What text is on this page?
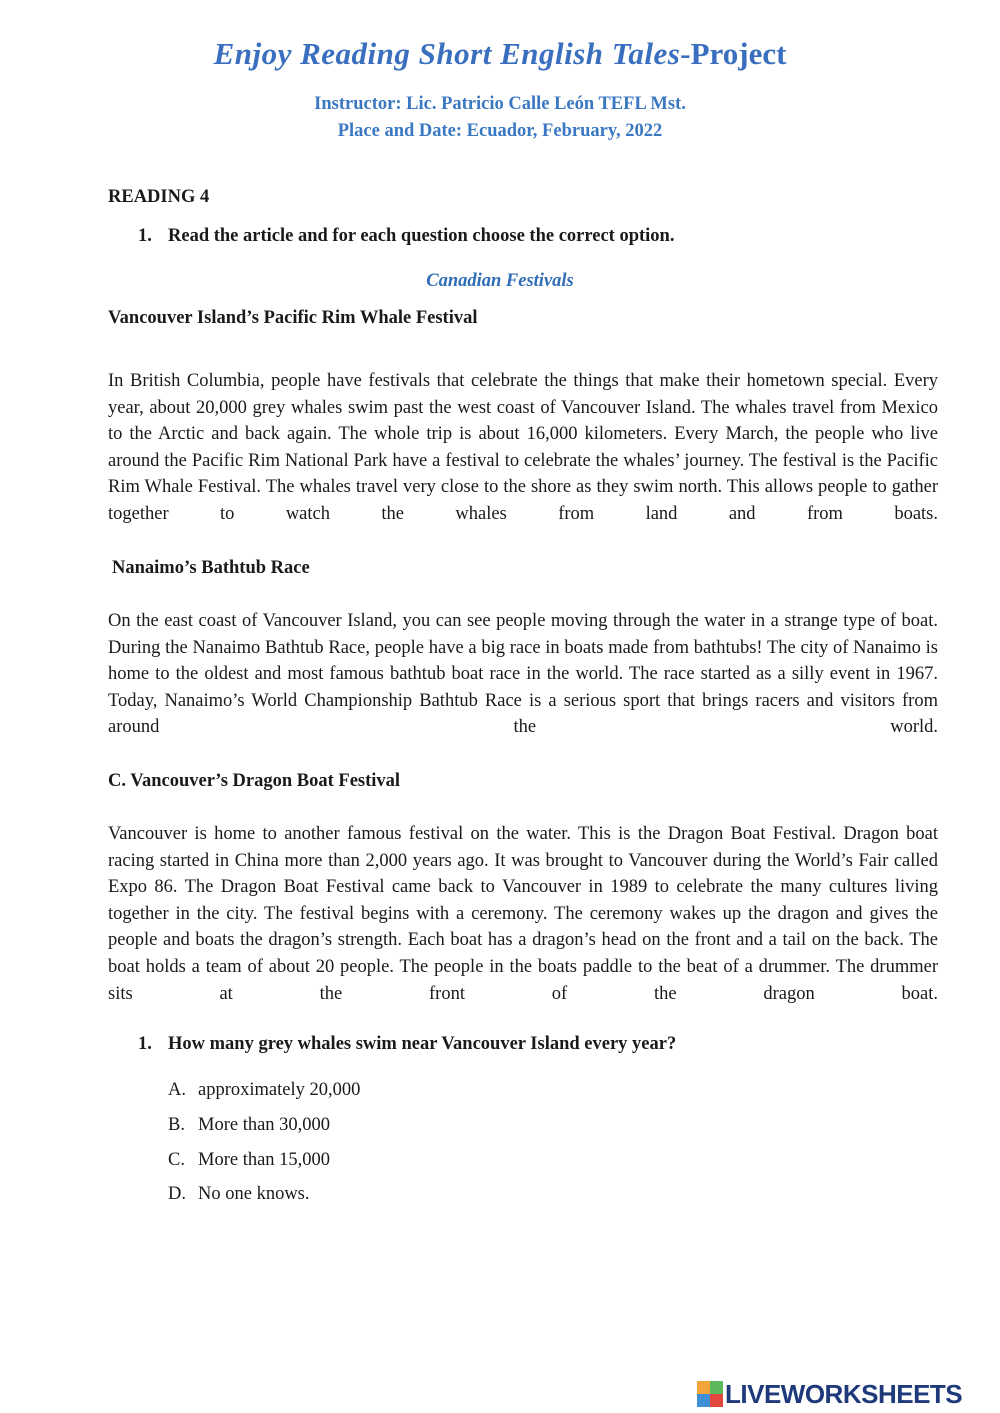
Enjoy Reading Short English Tales-Project
Instructor: Lic. Patricio Calle León TEFL Mst.
Place and Date: Ecuador, February, 2022
READING 4
1. Read the article and for each question choose the correct option.
Canadian Festivals
Vancouver Island’s Pacific Rim Whale Festival
In British Columbia, people have festivals that celebrate the things that make their hometown special. Every year, about 20,000 grey whales swim past the west coast of Vancouver Island. The whales travel from Mexico to the Arctic and back again. The whole trip is about 16,000 kilometers. Every March, the people who live around the Pacific Rim National Park have a festival to celebrate the whales’ journey. The festival is the Pacific Rim Whale Festival. The whales travel very close to the shore as they swim north. This allows people to gather together to watch the whales from land and from boats.
Nanaimo’s Bathtub Race
On the east coast of Vancouver Island, you can see people moving through the water in a strange type of boat. During the Nanaimo Bathtub Race, people have a big race in boats made from bathtubs! The city of Nanaimo is home to the oldest and most famous bathtub boat race in the world. The race started as a silly event in 1967. Today, Nanaimo’s World Championship Bathtub Race is a serious sport that brings racers and visitors from around the world.
C. Vancouver’s Dragon Boat Festival
Vancouver is home to another famous festival on the water. This is the Dragon Boat Festival. Dragon boat racing started in China more than 2,000 years ago. It was brought to Vancouver during the World’s Fair called Expo 86. The Dragon Boat Festival came back to Vancouver in 1989 to celebrate the many cultures living together in the city. The festival begins with a ceremony. The ceremony wakes up the dragon and gives the people and boats the dragon’s strength. Each boat has a dragon’s head on the front and a tail on the back. The boat holds a team of about 20 people. The people in the boats paddle to the beat of a drummer. The drummer sits at the front of the dragon boat.
1. How many grey whales swim near Vancouver Island every year?
A. approximately 20,000
B. More than 30,000
C. More than 15,000
D. No one knows.
LIVEWORKSHEETS
